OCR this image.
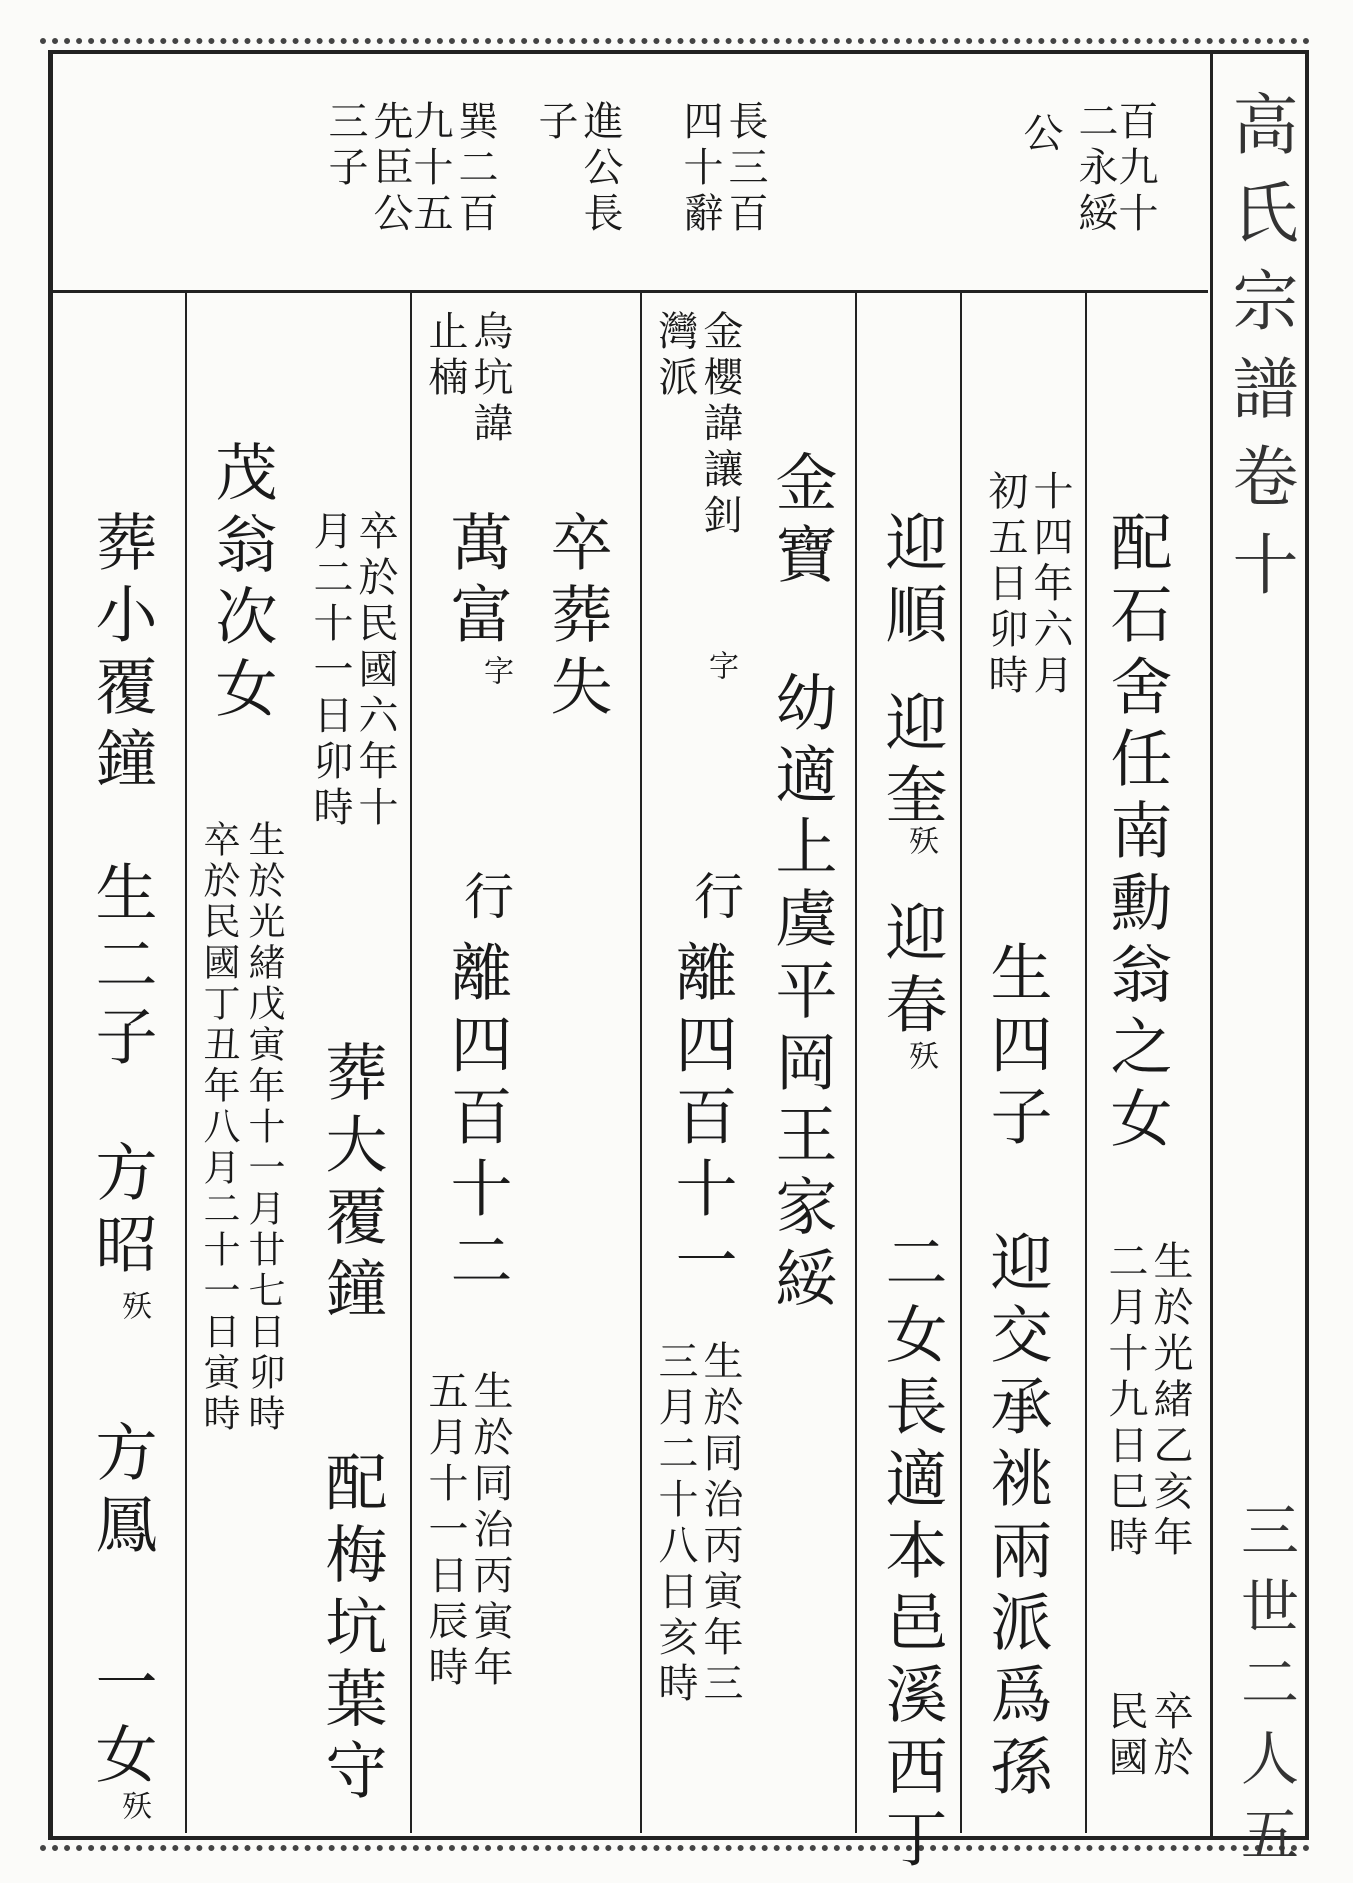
高氏宗譜卷十
三世二人五
百九十
二永綏
公
長三百
四十辭
進公長
子
巽二百
九十五
先臣公
三子
配石舍任南勳翁之女
生於光緒乙亥年
二月十九日巳時
卒於
民國
十四年六月
初五日卯時
生四子
迎交承祧兩派爲孫
迎順
迎奎
殀
迎春
殀
二女長適本邑溪西丁
金寶
幼適上虞平岡王家綏
金櫻諱讓釗
字
灣派
行
離四百十一
生於同治丙寅年三
三月二十八日亥時
卒葬失
烏坑諱
萬富
字
止楠
行
離四百十二
生於同治丙寅年
五月十一日辰時
卒於民國六年十
月二十一日卯時
葬大覆鐘
配梅坑葉守
茂翁次女
生於光緒戊寅年十一月廿七日卯時
卒於民國丁丑年八月二十一日寅時
葬小覆鐘
生二子
方昭
殀
方鳳
一女
殀
